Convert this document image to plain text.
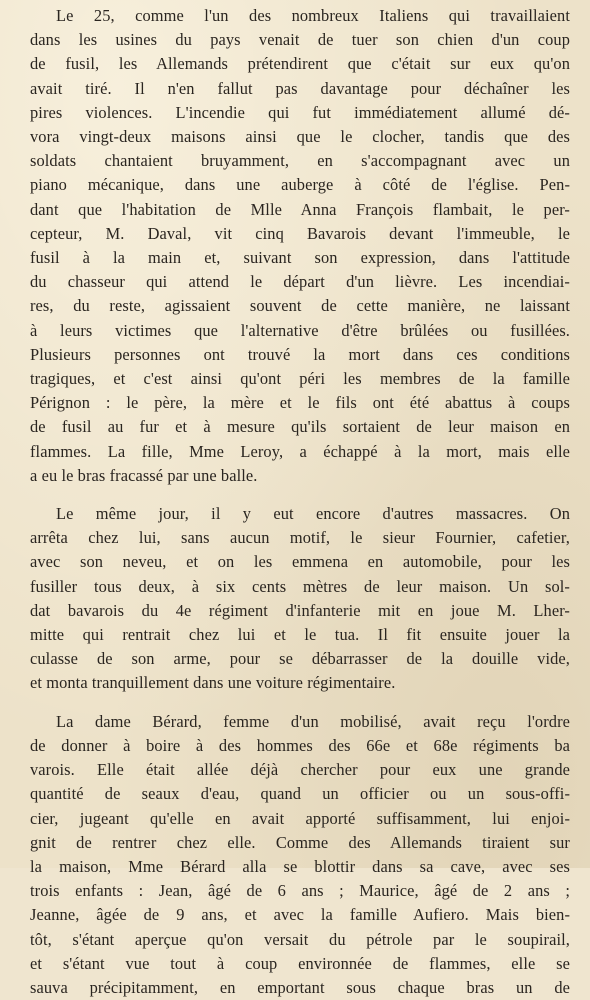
Le 25, comme l'un des nombreux Italiens qui travaillaient
dans les usines du pays venait de tuer son chien d'un coup
de fusil, les Allemands prétendirent que c'était sur eux qu'on
avait tiré. Il n'en fallut pas davantage pour déchaîner les
pires violences. L'incendie qui fut immédiatement allumé dé-
vora vingt-deux maisons ainsi que le clocher, tandis que des
soldats chantaient bruyamment, en s'accompagnant avec un
piano mécanique, dans une auberge à côté de l'église. Pen-
dant que l'habitation de Mlle Anna François flambait, le per-
cepteur, M. Daval, vit cinq Bavarois devant l'immeuble, le
fusil à la main et, suivant son expression, dans l'attitude
du chasseur qui attend le départ d'un lièvre. Les incendiai-
res, du reste, agissaient souvent de cette manière, ne laissant
à leurs victimes que l'alternative d'être brûlées ou fusillées.
Plusieurs personnes ont trouvé la mort dans ces conditions
tragiques, et c'est ainsi qu'ont péri les membres de la famille
Pérignon : le père, la mère et le fils ont été abattus à coups
de fusil au fur et à mesure qu'ils sortaient de leur maison en
flammes. La fille, Mme Leroy, a échappé à la mort, mais elle
a eu le bras fracassé par une balle.
Le même jour, il y eut encore d'autres massacres. On
arrêta chez lui, sans aucun motif, le sieur Fournier, cafetier,
avec son neveu, et on les emmena en automobile, pour les
fusiller tous deux, à six cents mètres de leur maison. Un sol-
dat bavarois du 4e régiment d'infanterie mit en joue M. Lher-
mitte qui rentrait chez lui et le tua. Il fit ensuite jouer la
culasse de son arme, pour se débarrasser de la douille vide,
et monta tranquillement dans une voiture régimentaire.
La dame Bérard, femme d'un mobilisé, avait reçu l'ordre
de donner à boire à des hommes des 66e et 68e régiments ba
varois. Elle était allée déjà chercher pour eux une grande
quantité de seaux d'eau, quand un officier ou un sous-offi-
cier, jugeant qu'elle en avait apporté suffisamment, lui enjoi-
gnit de rentrer chez elle. Comme des Allemands tiraient sur
la maison, Mme Bérard alla se blottir dans sa cave, avec ses
trois enfants : Jean, âgé de 6 ans ; Maurice, âgé de 2 ans ;
Jeanne, âgée de 9 ans, et avec la famille Aufiero. Mais bien-
tôt, s'étant aperçue qu'on versait du pétrole par le soupirail,
et s'étant vue tout à coup environnée de flammes, elle se
sauva précipitamment, en emportant sous chaque bras un de
